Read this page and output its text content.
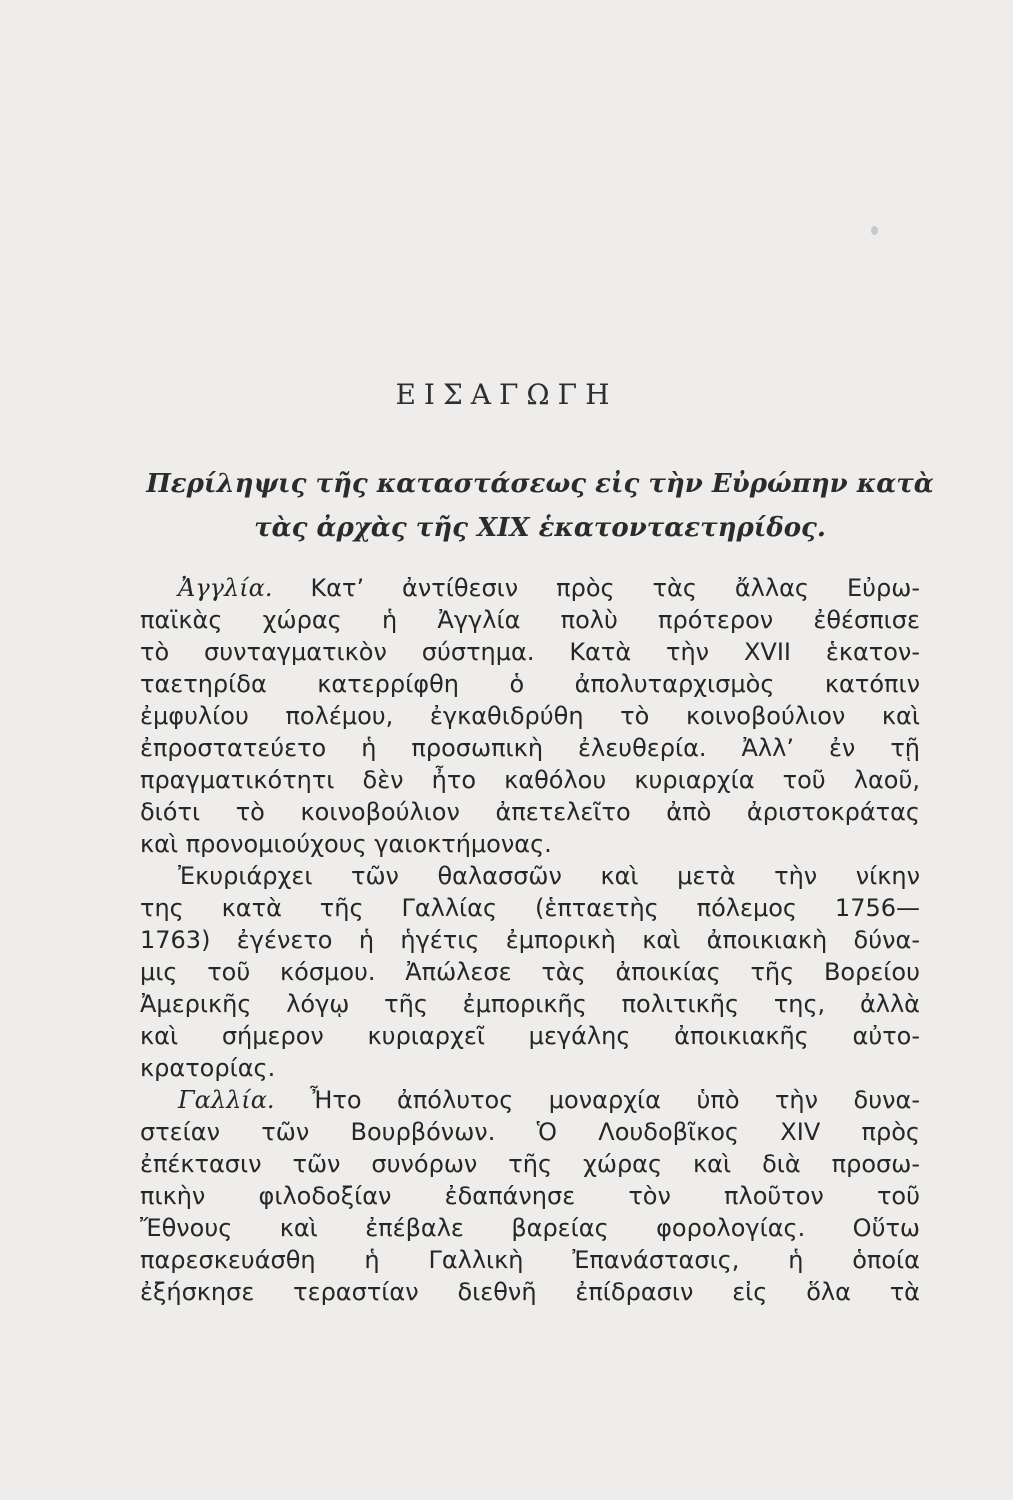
ΕΙΣΑΓΩΓΗ
Περίληψις τῆς καταστάσεως εἰς τὴν Εὐρώπην κατὰ
τὰς ἀρχὰς τῆς XIX ἑκατονταετηρίδος.
Ἀγγλία. Κατ’ ἀντίθεσιν πρὸς τὰς ἄλλας Εὐρω-
παϊκὰς χώρας ἡ Ἀγγλία πολὺ πρότερον ἐθέσπισε
τὸ συνταγματικὸν σύστημα. Κατὰ τὴν XVII ἑκατον-
ταετηρίδα κατερρίφθη ὁ ἀπολυταρχισμὸς κατόπιν
ἐμφυλίου πολέμου, ἐγκαθιδρύθη τὸ κοινοβούλιον καὶ
ἐπροστατεύετο ἡ προσωπικὴ ἐλευθερία. Ἀλλ’ ἐν τῇ
πραγματικότητι δὲν ἦτο καθόλου κυριαρχία τοῦ λαοῦ,
διότι τὸ κοινοβούλιον ἀπετελεῖτο ἀπὸ ἀριστοκράτας
καὶ προνομιούχους γαιοκτήμονας.
Ἐκυριάρχει τῶν θαλασσῶν καὶ μετὰ τὴν νίκην
της κατὰ τῆς Γαλλίας (ἑπταετὴς πόλεμος 1756—
1763) ἐγένετο ἡ ἡγέτις ἐμπορικὴ καὶ ἀποικιακὴ δύνα-
μις τοῦ κόσμου. Ἀπώλεσε τὰς ἀποικίας τῆς Βορείου
Ἀμερικῆς λόγῳ τῆς ἐμπορικῆς πολιτικῆς της, ἀλλὰ
καὶ σήμερον κυριαρχεῖ μεγάλης ἀποικιακῆς αὐτο-
κρατορίας.
Γαλλία. Ἦτο ἀπόλυτος μοναρχία ὑπὸ τὴν δυνα-
στείαν τῶν Βουρβόνων. Ὁ Λουδοβῖκος XIV πρὸς
ἐπέκτασιν τῶν συνόρων τῆς χώρας καὶ διὰ προσω-
πικὴν φιλοδοξίαν ἐδαπάνησε τὸν πλοῦτον τοῦ
Ἔθνους καὶ ἐπέβαλε βαρείας φορολογίας. Οὕτω
παρεσκευάσθη ἡ Γαλλικὴ Ἐπανάστασις, ἡ ὁποία
ἐξήσκησε τεραστίαν διεθνῆ ἐπίδρασιν εἰς ὅλα τὰ
